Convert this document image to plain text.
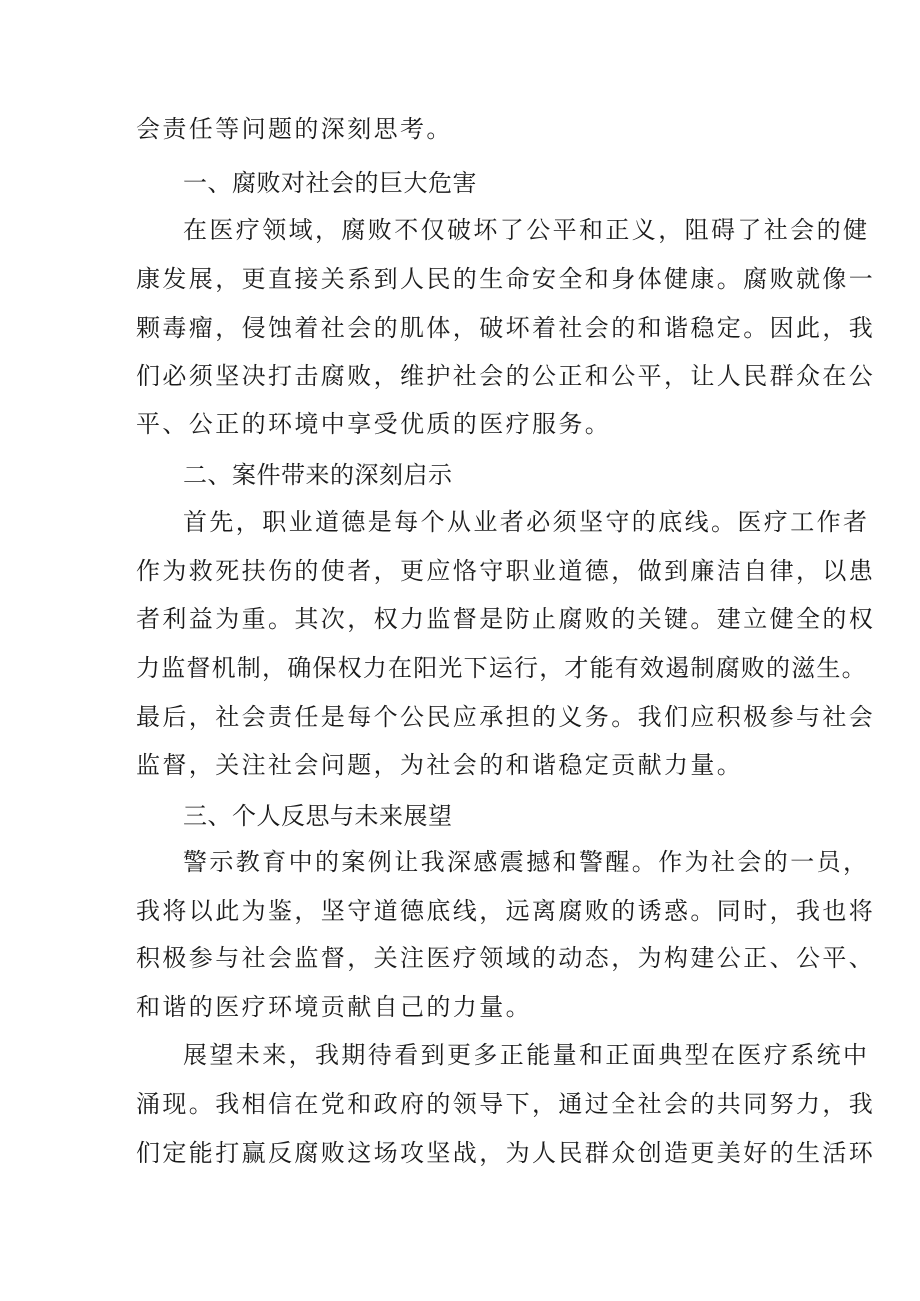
会责任等问题的深刻思考。
一、腐败对社会的巨大危害
在医疗领域，腐败不仅破坏了公平和正义，阻碍了社会的健
康发展，更直接关系到人民的生命安全和身体健康。腐败就像一
颗毒瘤，侵蚀着社会的肌体，破坏着社会的和谐稳定。因此，我
们必须坚决打击腐败，维护社会的公正和公平，让人民群众在公
平、公正的环境中享受优质的医疗服务。
二、案件带来的深刻启示
首先，职业道德是每个从业者必须坚守的底线。医疗工作者
作为救死扶伤的使者，更应恪守职业道德，做到廉洁自律，以患
者利益为重。其次，权力监督是防止腐败的关键。建立健全的权
力监督机制，确保权力在阳光下运行，才能有效遏制腐败的滋生。
最后，社会责任是每个公民应承担的义务。我们应积极参与社会
监督，关注社会问题，为社会的和谐稳定贡献力量。
三、个人反思与未来展望
警示教育中的案例让我深感震撼和警醒。作为社会的一员，
我将以此为鉴，坚守道德底线，远离腐败的诱惑。同时，我也将
积极参与社会监督，关注医疗领域的动态，为构建公正、公平、
和谐的医疗环境贡献自己的力量。
展望未来，我期待看到更多正能量和正面典型在医疗系统中
涌现。我相信在党和政府的领导下，通过全社会的共同努力，我
们定能打赢反腐败这场攻坚战，为人民群众创造更美好的生活环
